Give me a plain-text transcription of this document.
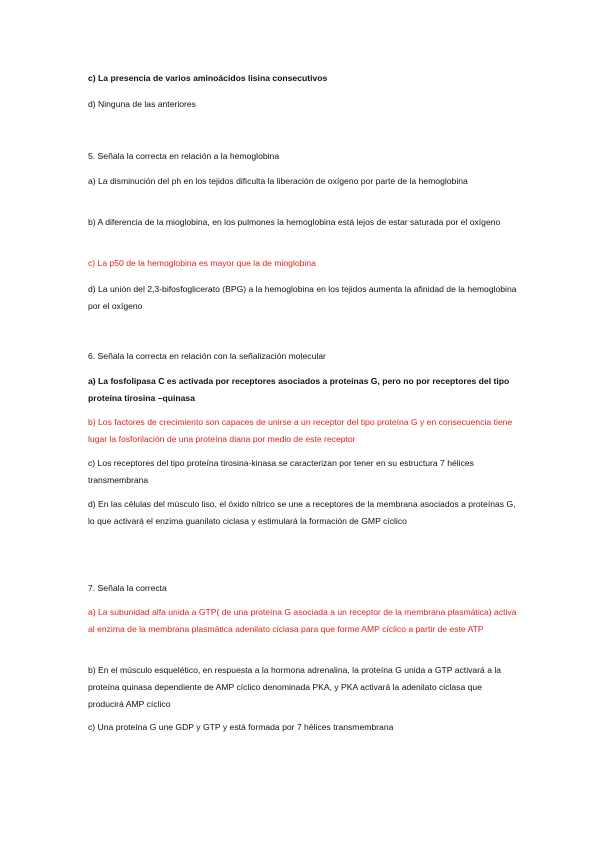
c) La presencia de varios aminoácidos lisina consecutivos

d) Ninguna de las anteriores

5. Señala la correcta en relación a la hemoglobina

a) La disminución del ph en los tejidos dificulta la liberación de oxígeno por parte de la hemoglobina

b) A diferencia de la mioglobina, en los pulmones la hemoglobina está lejos de estar saturada por el oxígeno

c) La p50 de la hemoglobina es mayor que la de mioglobina

d) La unión del 2,3-bifosfoglicerato (BPG) a la hemoglobina en los tejidos aumenta la afinidad de la hemoglobina por el oxígeno

6. Señala la correcta en relación con la señalización molecular

a) La fosfolipasa C es activada por receptores asociados a proteínas G, pero no por receptores del tipo proteína tirosina –quinasa

b) Los factores de crecimiento son capaces de unirse a un receptor del tipo proteína G y en consecuencia tiene lugar la fosforilación de una proteína diana por medio de este receptor

c) Los receptores del tipo proteína tirosina-kinasa se caracterizan por tener en su estructura 7 hélices transmembrana

d) En las células del músculo liso, el óxido nítrico se une a receptores de la membrana asociados a proteínas G, lo que activará el enzima guanilato ciclasa y estimulará la formación de GMP cíclico

7. Señala la correcta

a) La subunidad alfa unida a GTP( de una proteína G asociada a un receptor de la membrana plasmática) activa al enzima de la membrana plasmática adenilato ciclasa para que forme AMP cíclico a partir de este ATP

b) En el músculo esquelético, en respuesta a la hormona adrenalina, la proteína G unida a GTP activará a la proteína quinasa dependiente de AMP cíclico denominada PKA, y PKA activará la adenilato ciclasa que producirá AMP cíclico

c) Una proteína G une GDP y GTP y está formada por 7 hélices transmembrana
